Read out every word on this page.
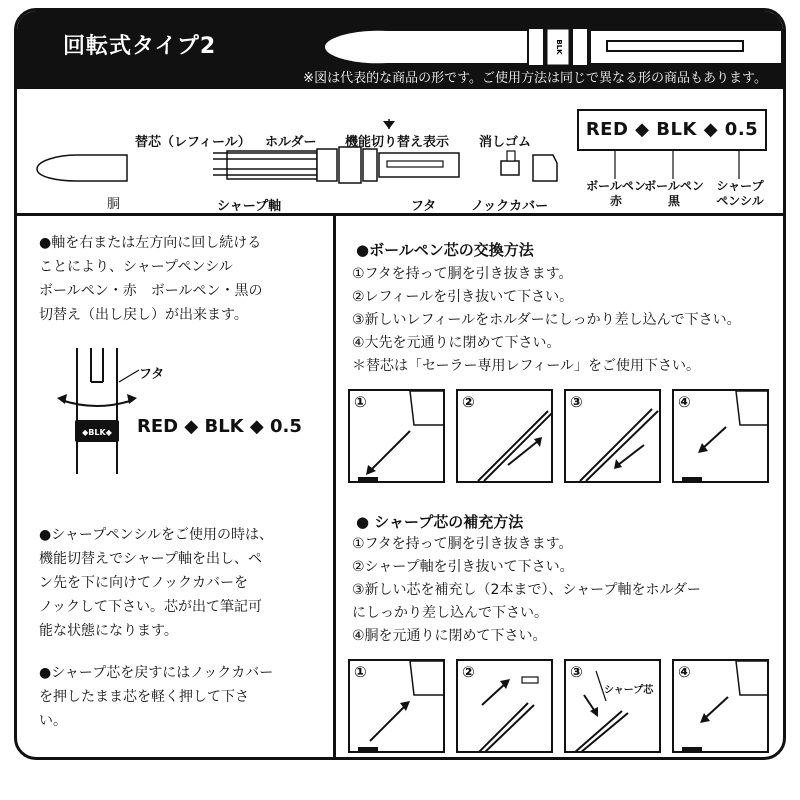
回転式タイプ2	BLK
※図は代表的な商品の形です。ご使用方法は同じで異なる形の商品もあります。
替芯（レフィール） ホルダー 機能切り替え表示 消しゴム
胴	シャープ軸	フタ	ノックカバー
RED ◆ BLK ◆ 0.5
ボールペン
赤
ボールペン
黒
シャープ
ペンシル
●軸を右または左方向に回し続ける
ことにより、シャープペンシル
ボールペン・赤　ボールペン・黒の
切替え（出し戻し）が出来ます。
◆BLK◆
フタ
RED ◆ BLK ◆ 0.5
●シャープペンシルをご使用の時は、
機能切替えでシャープ軸を出し、ペ
ン先を下に向けてノックカバーを
ノックして下さい。芯が出て筆記可
能な状態になります。
●シャープ芯を戻すにはノックカバー
を押したまま芯を軽く押して下さ
い。
●ボールペン芯の交換方法
①フタを持って胴を引き抜きます。
②レフィールを引き抜いて下さい。
③新しいレフィールをホルダーにしっかり差し込んで下さい。
④大先を元通りに閉めて下さい。
＊替芯は「セーラー専用レフィール」をご使用下さい。
①	②	③	④
● シャープ芯の補充方法
①フタを持って胴を引き抜きます。
②シャープ軸を引き抜いて下さい。
③新しい芯を補充し（2本まで）、シャープ軸をホルダー
にしっかり差し込んで下さい。
④胴を元通りに閉めて下さい。
①	②	③
シャープ芯
④
